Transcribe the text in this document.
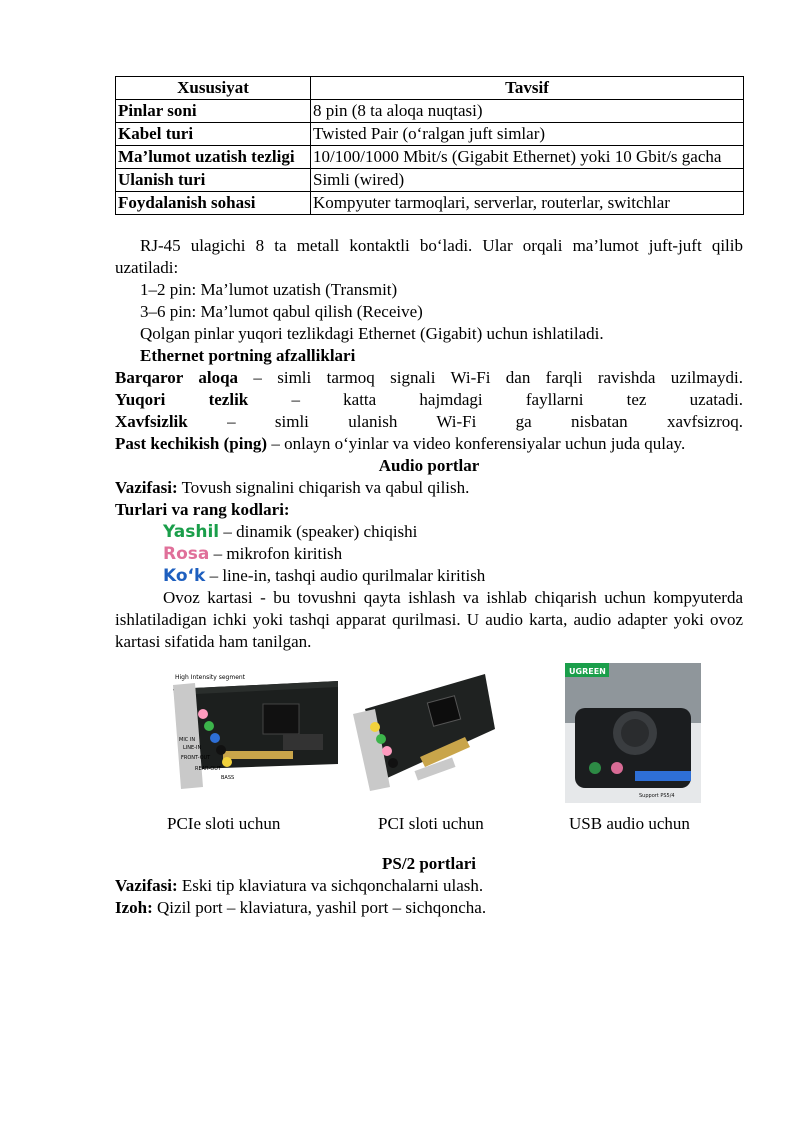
Xususiyat	Tavsif
Pinlar soni	8 pin (8 ta aloqa nuqtasi)
Kabel turi	Twisted Pair (o‘ralgan juft simlar)
Ma’lumot uzatish tezligi	10/100/1000 Mbit/s (Gigabit Ethernet) yoki 10 Gbit/s gacha
Ulanish turi	Simli (wired)
Foydalanish sohasi	Kompyuter tarmoqlari, serverlar, routerlar, switchlar

RJ-45 ulagichi 8 ta metall kontaktli bo‘ladi. Ular orqali ma’lumot juft-juft qilib uzatiladi:

1–2 pin: Ma’lumot uzatish (Transmit)

3–6 pin: Ma’lumot qabul qilish (Receive)

Qolgan pinlar yuqori tezlikdagi Ethernet (Gigabit) uchun ishlatiladi.

Ethernet portning afzalliklari

Barqaror aloqa – simli tarmoq signali Wi-Fi dan farqli ravishda uzilmaydi.

Yuqori tezlik – katta hajmdagi fayllarni tez uzatadi.

Xavfsizlik – simli ulanish Wi-Fi ga nisbatan xavfsizroq.

Past kechikish (ping) – onlayn o‘yinlar va video konferensiyalar uchun juda qulay.

Audio portlar

Vazifasi: Tovush signalini chiqarish va qabul qilish.

Turlari va rang kodlari:

Yashil – dinamik (speaker) chiqishi

Rosa – mikrofon kiritish

Ko‘k – line-in, tashqi audio qurilmalar kiritish

Ovoz kartasi - bu tovushni qayta ishlash va ishlab chiqarish uchun kompyuterda ishlatiladigan ichki yoki tashqi apparat qurilmasi. U audio karta, audio adapter yoki ovoz kartasi sifatida ham tanilgan.

High Intensity segment
MIC IN
LINE-IN
FRONT-OUT
REAR-OUT
BASS
UGREEN
Support PS5/4
PCIe sloti uchun	PCI sloti uchun	USB audio uchun

PS/2 portlari

Vazifasi: Eski tip klaviatura va sichqonchalarni ulash.

Izoh: Qizil port – klaviatura, yashil port – sichqoncha.
